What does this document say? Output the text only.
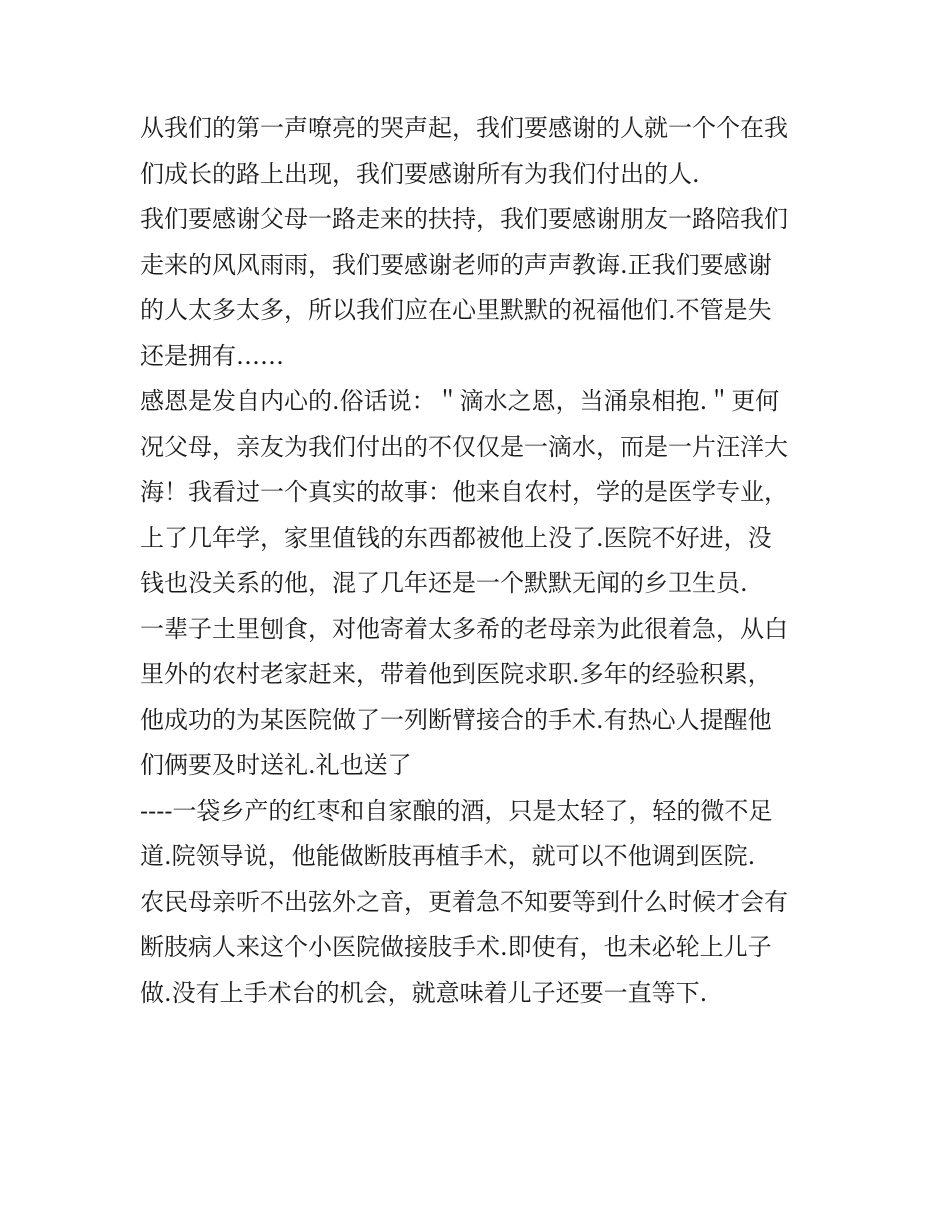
从我们的第一声嘹亮的哭声起，我们要感谢的人就一个个在我
们成长的路上出现，我们要感谢所有为我们付出的人.
我们要感谢父母一路走来的扶持，我们要感谢朋友一路陪我们
走来的风风雨雨，我们要感谢老师的声声教诲.正我们要感谢
的人太多太多，所以我们应在心里默默的祝福他们.不管是失
还是拥有……
感恩是发自内心的.俗话说：＂滴水之恩，当涌泉相抱.＂更何
况父母，亲友为我们付出的不仅仅是一滴水，而是一片汪洋大
海！我看过一个真实的故事：他来自农村，学的是医学专业，
上了几年学，家里值钱的东西都被他上没了.医院不好进，没
钱也没关系的他，混了几年还是一个默默无闻的乡卫生员.
一辈子土里刨食，对他寄着太多希的老母亲为此很着急，从白
里外的农村老家赶来，带着他到医院求职.多年的经验积累，
他成功的为某医院做了一列断臂接合的手术.有热心人提醒他
们俩要及时送礼.礼也送了
----一袋乡产的红枣和自家酿的酒，只是太轻了，轻的微不足
道.院领导说，他能做断肢再植手术，就可以不他调到医院.
农民母亲听不出弦外之音，更着急不知要等到什么时候才会有
断肢病人来这个小医院做接肢手术.即使有，也未必轮上儿子
做.没有上手术台的机会，就意味着儿子还要一直等下.
